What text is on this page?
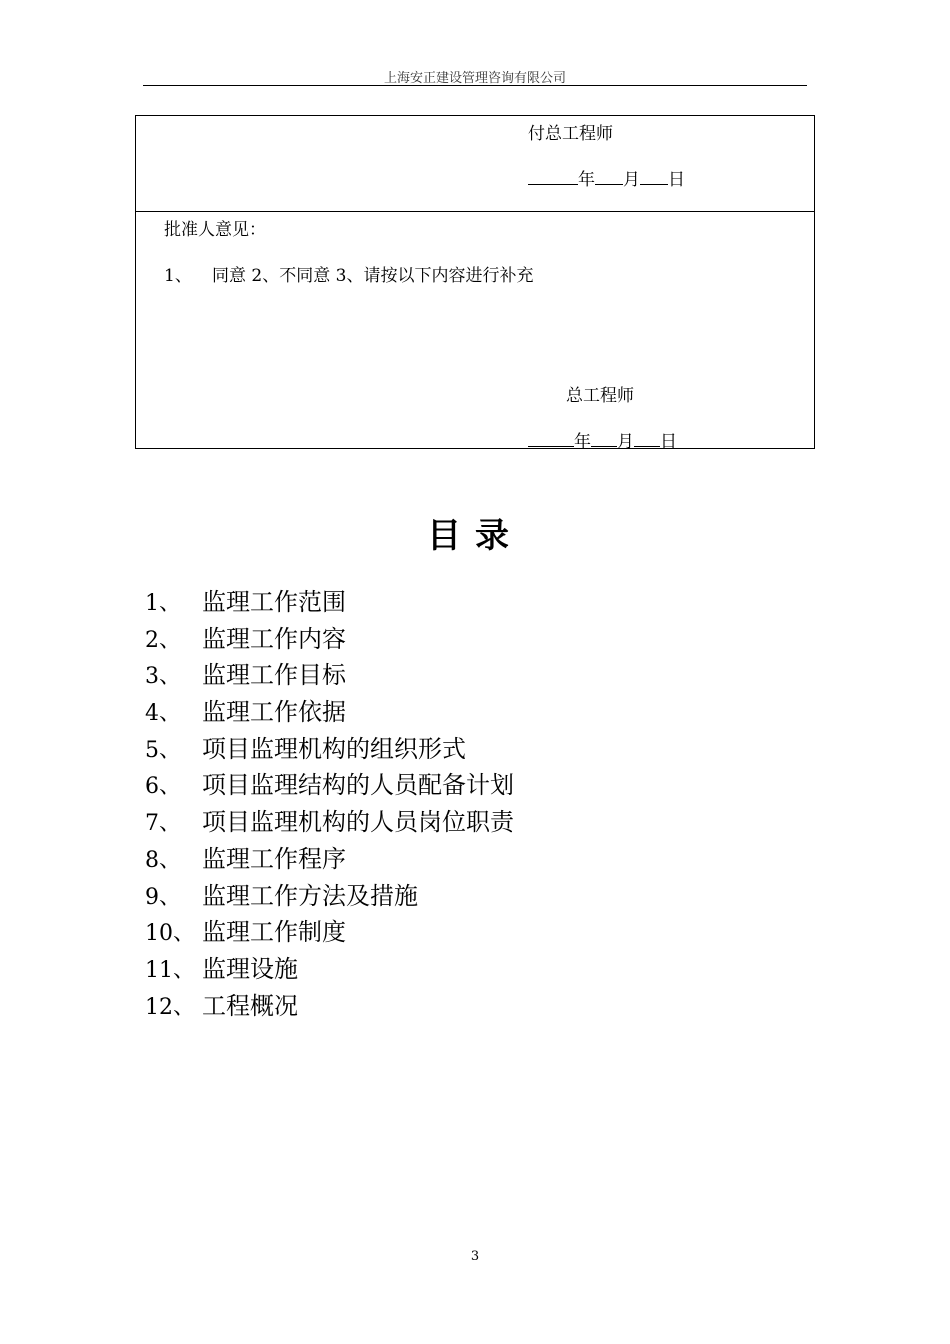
上海安正建设管理咨询有限公司
付总工程师
年 月 日
批准人意见：
1、 同意 2、不同意 3、请按以下内容进行补充
总工程师
年 月 日
目录
1、 监理工作范围
2、 监理工作内容
3、 监理工作目标
4、 监理工作依据
5、 项目监理机构的组织形式
6、 项目监理结构的人员配备计划
7、 项目监理机构的人员岗位职责
8、 监理工作程序
9、 监理工作方法及措施
10、 监理工作制度
11、 监理设施
12、 工程概况
3
